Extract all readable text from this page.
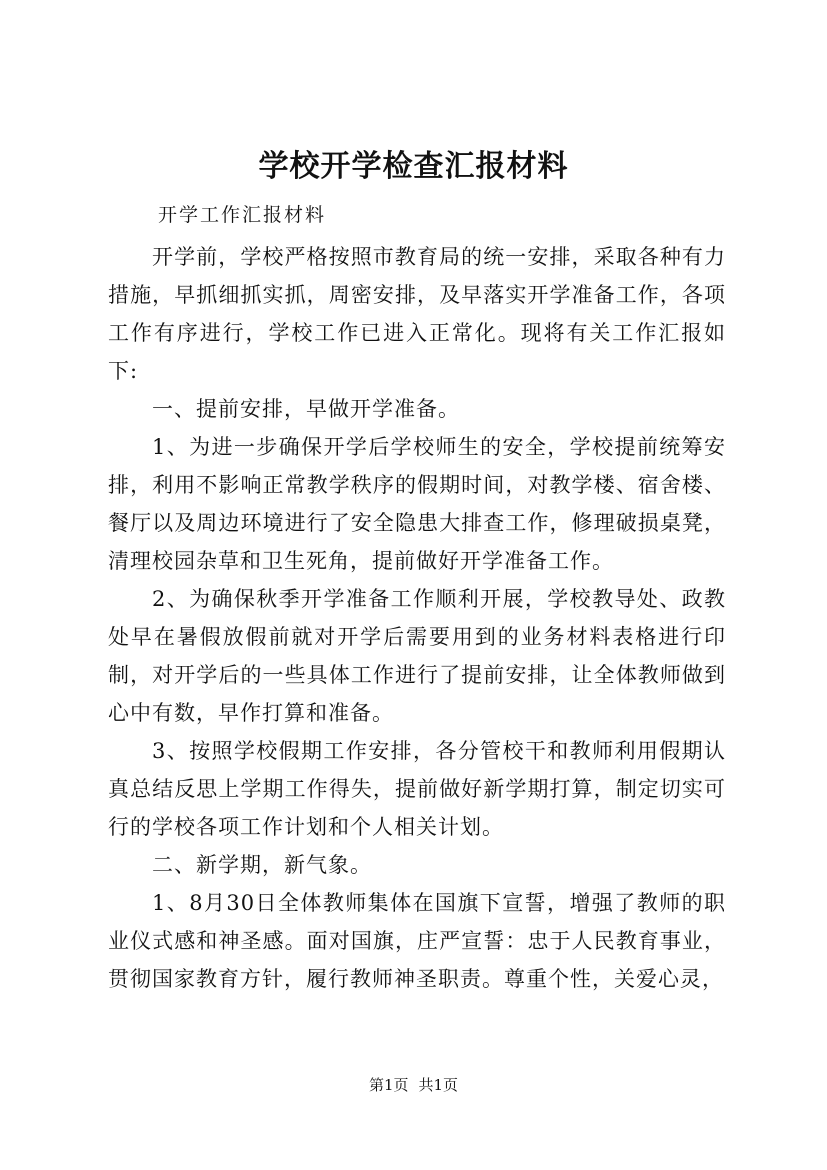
学校开学检查汇报材料

开学工作汇报材料

开学前，学校严格按照市教育局的统一安排，采取各种有力措施，早抓细抓实抓，周密安排，及早落实开学准备工作，各项工作有序进行，学校工作已进入正常化。现将有关工作汇报如下:

一、提前安排，早做开学准备。

1、为进一步确保开学后学校师生的安全，学校提前统筹安排，利用不影响正常教学秩序的假期时间，对教学楼、宿舍楼、餐厅以及周边环境进行了安全隐患大排查工作，修理破损桌凳，清理校园杂草和卫生死角，提前做好开学准备工作。

2、为确保秋季开学准备工作顺利开展，学校教导处、政教处早在暑假放假前就对开学后需要用到的业务材料表格进行印制，对开学后的一些具体工作进行了提前安排，让全体教师做到心中有数，早作打算和准备。

3、按照学校假期工作安排，各分管校干和教师利用假期认真总结反思上学期工作得失，提前做好新学期打算，制定切实可行的学校各项工作计划和个人相关计划。

二、新学期，新气象。

1、8月30日全体教师集体在国旗下宣誓，增强了教师的职业仪式感和神圣感。面对国旗，庄严宣誓：忠于人民教育事业，贯彻国家教育方针，履行教师神圣职责。尊重个性，关爱心灵，

第1页 共1页
